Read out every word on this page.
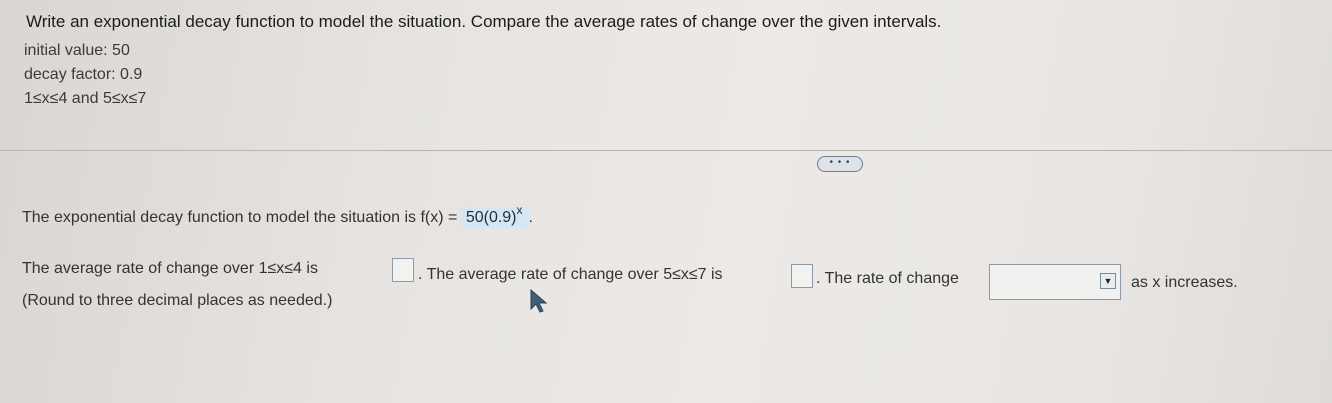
Write an exponential decay function to model the situation. Compare the average rates of change over the given intervals.
initial value: 50
decay factor: 0.9
1≤x≤4 and 5≤x≤7
• • •
The exponential decay function to model the situation is $f(x) = 50(0.9)^x$ .
The average rate of change over 1≤x≤4 is	. The average rate of change over 5≤x≤7 is	. The rate of change	▼ as x increases.
(Round to three decimal places as needed.)
